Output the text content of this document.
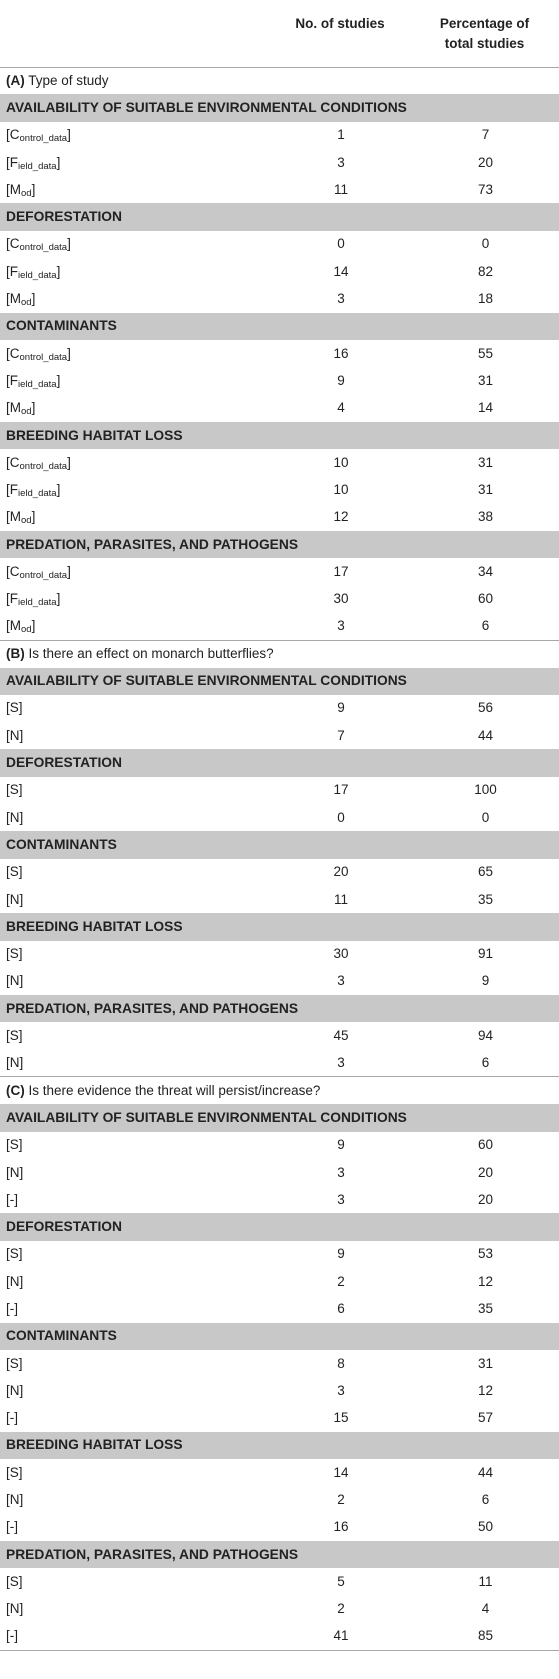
	No. of studies	Percentage of
total studies
(A) Type of study		
AVAILABILITY OF SUITABLE ENVIRONMENTAL CONDITIONS		
$[C_{ontrol\_data}]$	1	7
$[F_{ield\_data}]$	3	20
$[M_{od}]$	11	73
DEFORESTATION		
$[C_{ontrol\_data}]$	0	0
$[F_{ield\_data}]$	14	82
$[M_{od}]$	3	18
CONTAMINANTS		
$[C_{ontrol\_data}]$	16	55
$[F_{ield\_data}]$	9	31
$[M_{od}]$	4	14
BREEDING HABITAT LOSS		
$[C_{ontrol\_data}]$	10	31
$[F_{ield\_data}]$	10	31
$[M_{od}]$	12	38
PREDATION, PARASITES, AND PATHOGENS		
$[C_{ontrol\_data}]$	17	34
$[F_{ield\_data}]$	30	60
$[M_{od}]$	3	6
(B) Is there an effect on monarch butterflies?		
AVAILABILITY OF SUITABLE ENVIRONMENTAL CONDITIONS		
[S]	9	56
[N]	7	44
DEFORESTATION		
[S]	17	100
[N]	0	0
CONTAMINANTS		
[S]	20	65
[N]	11	35
BREEDING HABITAT LOSS		
[S]	30	91
[N]	3	9
PREDATION, PARASITES, AND PATHOGENS		
[S]	45	94
[N]	3	6
(C) Is there evidence the threat will persist/increase?		
AVAILABILITY OF SUITABLE ENVIRONMENTAL CONDITIONS		
[S]	9	60
[N]	3	20
[-]	3	20
DEFORESTATION		
[S]	9	53
[N]	2	12
[-]	6	35
CONTAMINANTS		
[S]	8	31
[N]	3	12
[-]	15	57
BREEDING HABITAT LOSS		
[S]	14	44
[N]	2	6
[-]	16	50
PREDATION, PARASITES, AND PATHOGENS		
[S]	5	11
[N]	2	4
[-]	41	85
